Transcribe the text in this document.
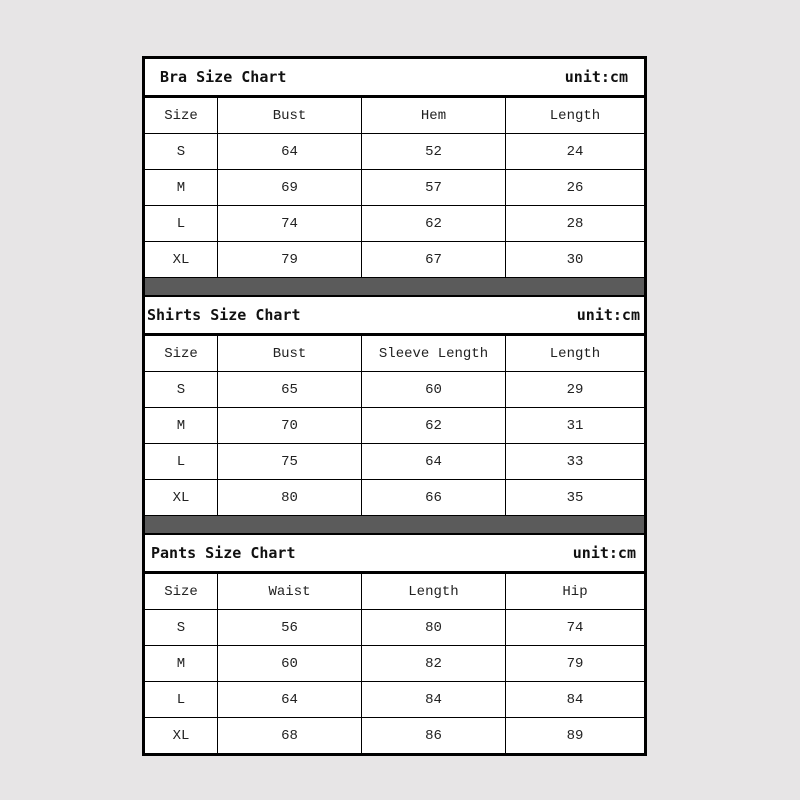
Bra Size Chart	unit:cm
Size	Bust	Hem	Length
S	64	52	24
M	69	57	26
L	74	62	28
XL	79	67	30
Shirts Size Chart	unit:cm
Size	Bust	Sleeve Length	Length
S	65	60	29
M	70	62	31
L	75	64	33
XL	80	66	35
Pants Size Chart	unit:cm
Size	Waist	Length	Hip
S	56	80	74
M	60	82	79
L	64	84	84
XL	68	86	89
